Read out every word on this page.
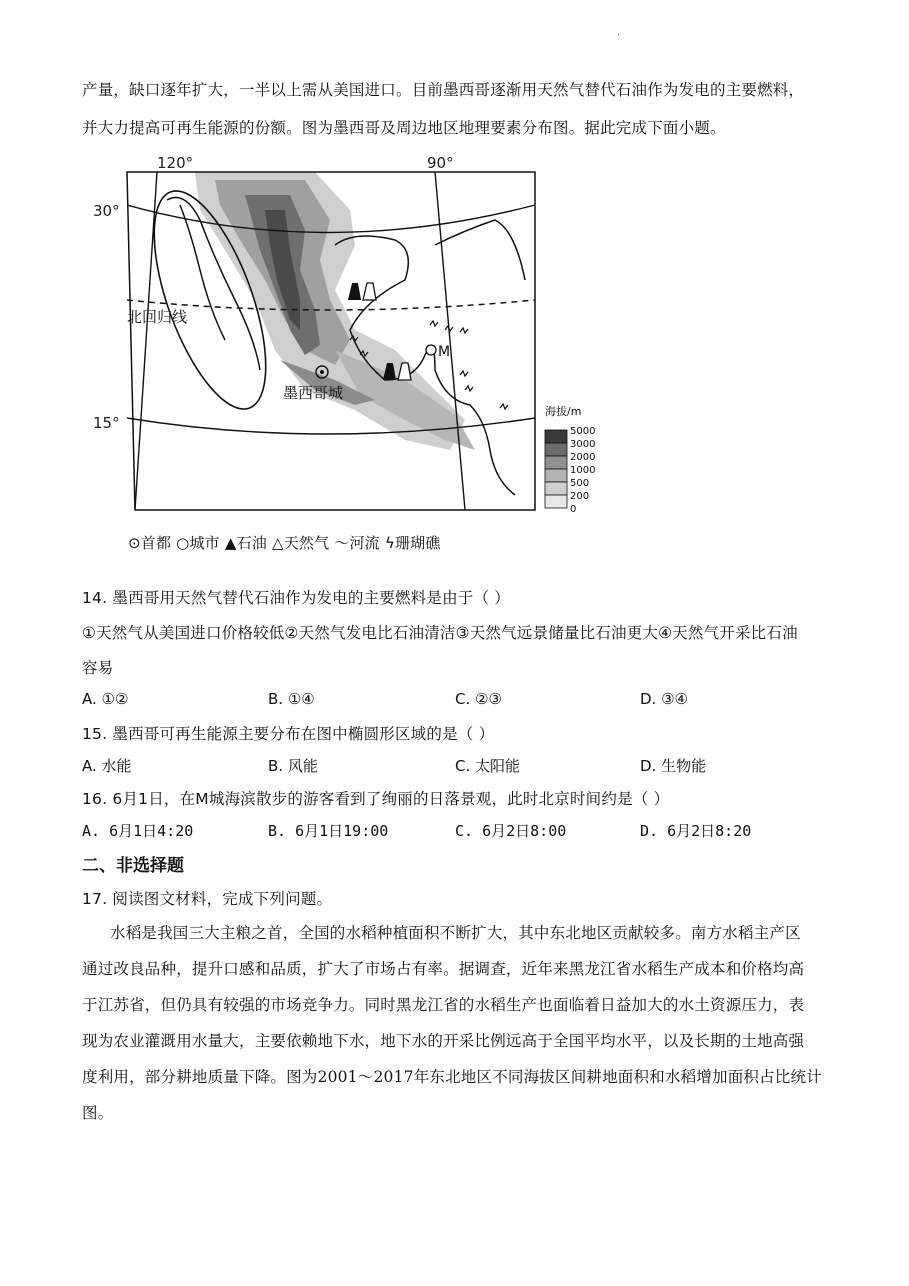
·
产量，缺口逐年扩大，一半以上需从美国进口。目前墨西哥逐渐用天然气替代石油作为发电的主要燃料，
并大力提高可再生能源的份额。图为墨西哥及周边地区地理要素分布图。据此完成下面小题。
120°	90°
30°
15°
北回归线
墨西哥城
M
海拔/m
5000
3000
2000
1000
500
200
0
⊙首都 ○城市 ▲石油 △天然气 〜河流 ϟ珊瑚礁
14. 墨西哥用天然气替代石油作为发电的主要燃料是由于（ ）
①天然气从美国进口价格较低②天然气发电比石油清洁③天然气远景储量比石油更大④天然气开采比石油
容易
A. ①②	B. ①④	C. ②③	D. ③④
15. 墨西哥可再生能源主要分布在图中椭圆形区域的是（ ）
A. 水能	B. 风能	C. 太阳能	D. 生物能
16. 6月1日，在M城海滨散步的游客看到了绚丽的日落景观，此时北京时间约是（ ）
A. 6月1日4:20	B. 6月1日19:00	C. 6月2日8:00	D. 6月2日8:20
二、非选择题
17. 阅读图文材料，完成下列问题。
水稻是我国三大主粮之首，全国的水稻种植面积不断扩大，其中东北地区贡献较多。南方水稻主产区
通过改良品种，提升口感和品质，扩大了市场占有率。据调查，近年来黑龙江省水稻生产成本和价格均高
于江苏省，但仍具有较强的市场竞争力。同时黑龙江省的水稻生产也面临着日益加大的水土资源压力，表
现为农业灌溉用水量大，主要依赖地下水，地下水的开采比例远高于全国平均水平，以及长期的土地高强
度利用，部分耕地质量下降。图为2001～2017年东北地区不同海拔区间耕地面积和水稻增加面积占比统计
图。
